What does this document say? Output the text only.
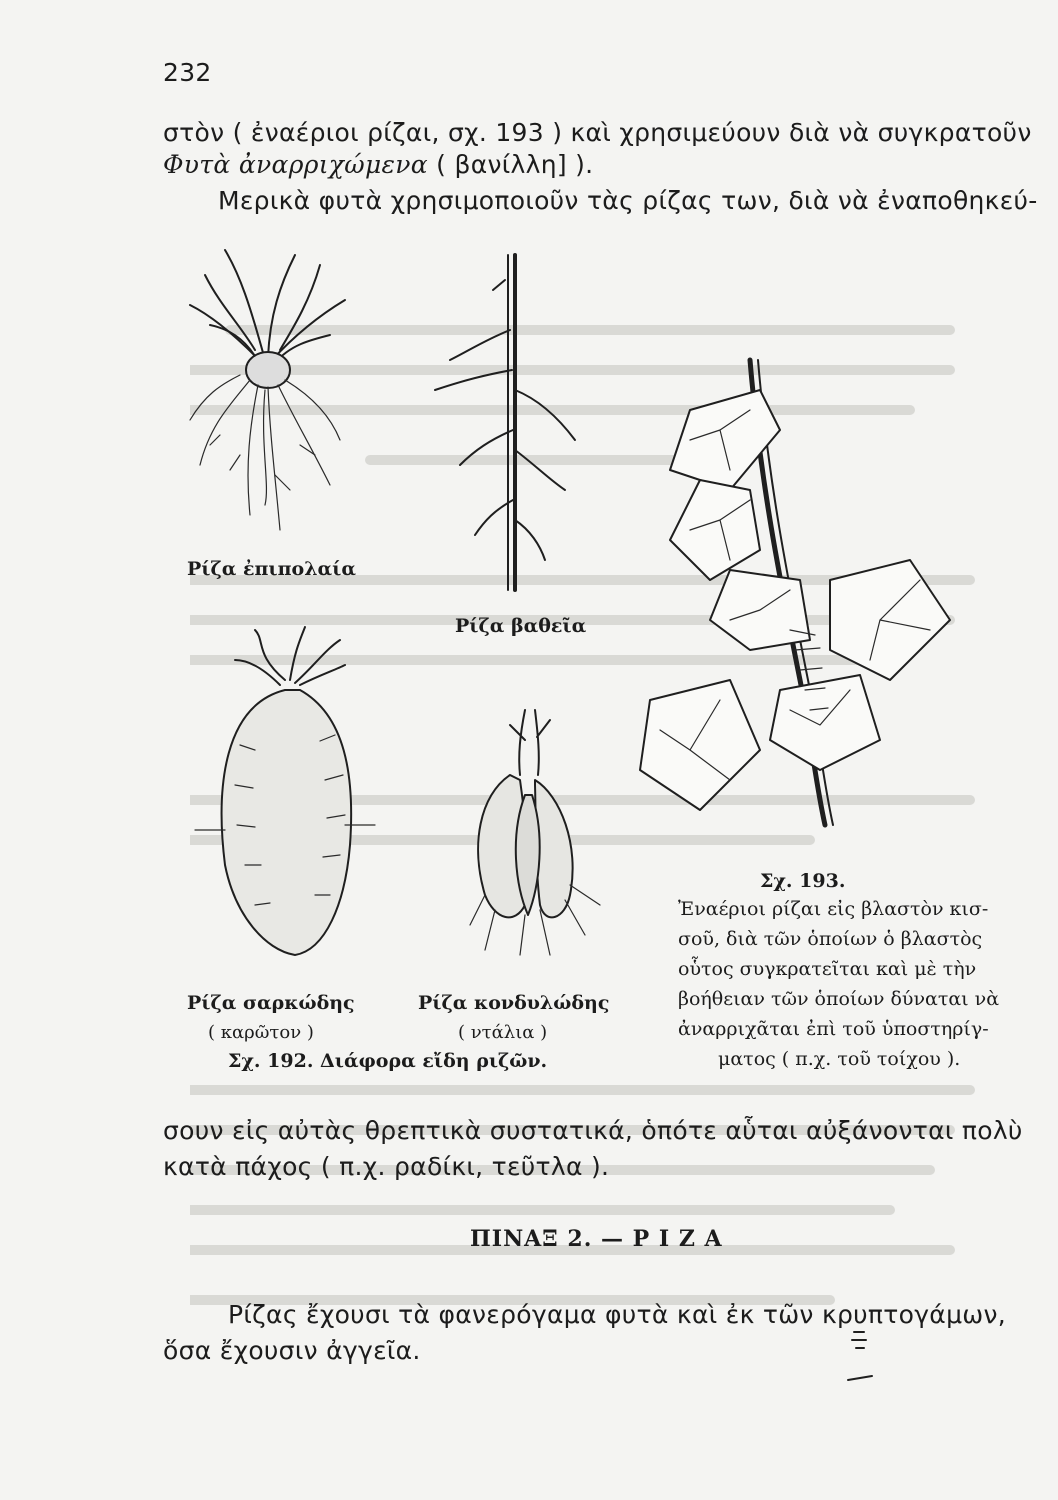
232
στὸν ( ἐναέριοι ρίζαι, σχ. 193 ) καὶ χρησιμεύουν διὰ νὰ συγκρατοῦν
Φυτὰ ἀναρριχώμενα ( βανίλλη] ).
Μερικὰ φυτὰ χρησιμοποιοῦν τὰς ρίζας των, διὰ νὰ ἐναποθηκεύ-
Ρίζα ἐπιπολαία
Ρίζα βαθεῖα
Σχ. 193.
Ἐναέριοι ρίζαι εἰς βλαστὸν κισ-
σοῦ, διὰ τῶν ὁποίων ὁ βλαστὸς
οὗτος συγκρατεῖται καὶ μὲ τὴν
βοήθειαν τῶν ὁποίων δύναται νὰ
ἀναρριχᾶται ἐπὶ τοῦ ὑποστηρίγ-
ματος ( π.χ. τοῦ τοίχου ).
Ρίζα σαρκώδης
( καρῶτον )
Ρίζα κονδυλώδης
( ντάλια )
Σχ. 192. Διάφορα εἴδη ριζῶν.
σουν εἰς αὐτὰς θρεπτικὰ συστατικά, ὁπότε αὗται αὐξάνονται πολὺ
κατὰ πάχος ( π.χ. ραδίκι, τεῦτλα ).
ΠΙΝΑΞ 2. — Ρ Ι Ζ Α
Ρίζας ἔχουσι τὰ φανερόγαμα φυτὰ καὶ ἐκ τῶν κρυπτογάμων,
ὅσα ἔχουσιν ἀγγεῖα.
